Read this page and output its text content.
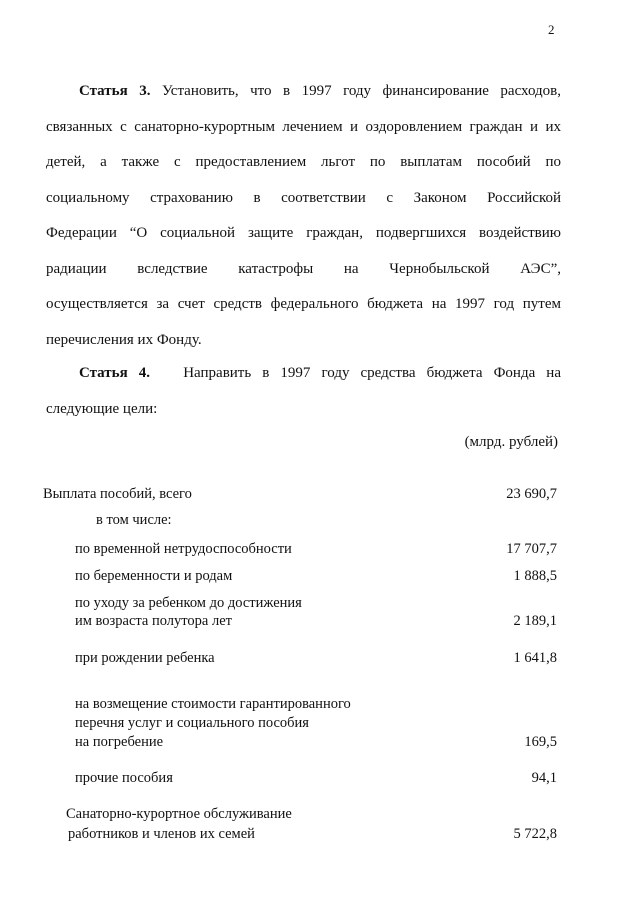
2
Статья 3. Установить, что в 1997 году финансирование расходов,
связанных с санаторно-курортным лечением и оздоровлением граждан и их
детей, а также с предоставлением льгот по выплатам пособий по
социальному страхованию в соответствии с Законом Российской
Федерации “О социальной защите граждан, подвергшихся воздействию
радиации вследствие катастрофы на Чернобыльской АЭС”,
осуществляется за счет средств федерального бюджета на 1997 год путем
перечисления их Фонду.
Статья 4. Направить в 1997 году средства бюджета Фонда на
следующие цели:
(млрд. рублей)
Выплата пособий, всего	23 690,7
в том числе:
по временной нетрудоспособности	17 707,7
по беременности и родам	1 888,5
по уходу за ребенком до достижения
им возраста полутора лет	2 189,1
при рождении ребенка	1 641,8
на возмещение стоимости гарантированного
перечня услуг и социального пособия
на погребение	169,5
прочие пособия	94,1
Санаторно-курортное обслуживание
работников и членов их семей	5 722,8
